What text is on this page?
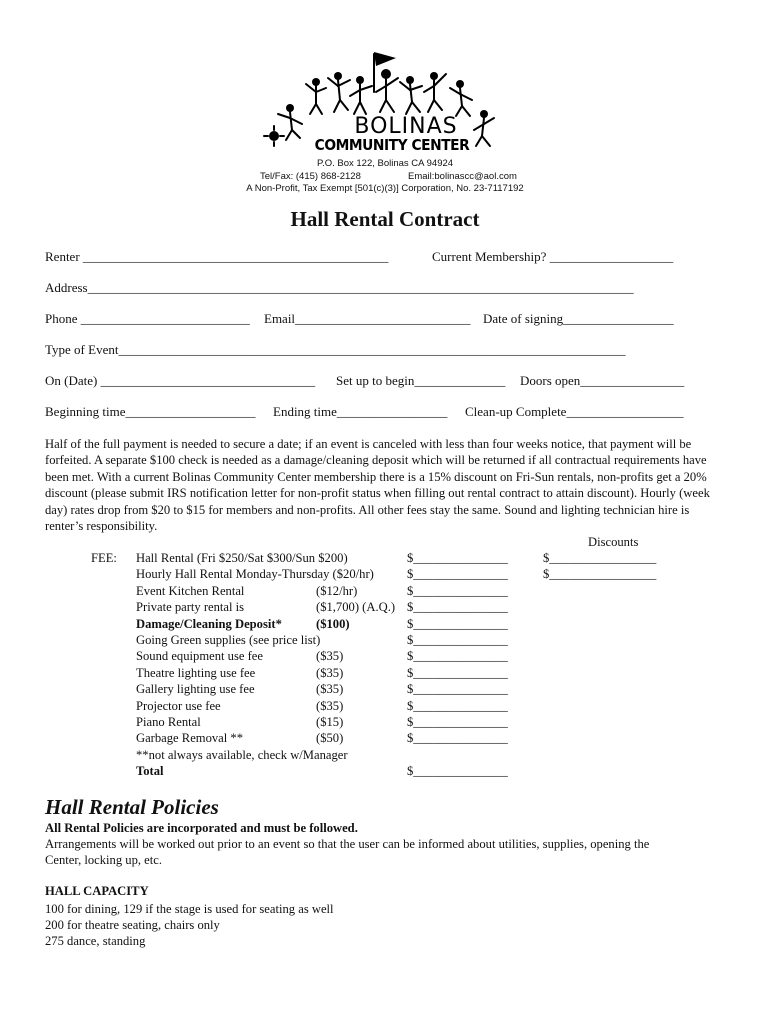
BOLINAS
COMMUNITY CENTER
P.O. Box 122, Bolinas CA 94924
Tel/Fax: (415) 868-2128	Email:bolinascc@aol.com
A Non-Profit, Tax Exempt [501(c)(3)] Corporation, No. 23-7117192
Hall Rental Contract
Renter _______________________________________________	Current Membership? ___________________
Address____________________________________________________________________________________
Phone __________________________ Email___________________________ Date of signing_________________
Type of Event______________________________________________________________________________
On (Date) _________________________________ Set up to begin______________ Doors open________________
Beginning time____________________ Ending time_________________ Clean-up Complete__________________
Half of the full payment is needed to secure a date; if an event is canceled with less than four weeks notice, that payment will be forfeited. A separate $100 check is needed as a damage/cleaning deposit which will be returned if all contractual requirements have been met. With a current Bolinas Community Center membership there is a 15% discount on Fri-Sun rentals, non-profits get a 20% discount (please submit IRS notification letter for non-profit status when filling out rental contract to attain discount). Hourly (week day) rates drop from $20 to $15 for members and non-profits. All other fees stay the same. Sound and lighting technician hire is renter’s responsibility.
Discounts
FEE: Hall Rental (Fri $250/Sat $300/Sun $200)	$_______________	$_________________
Hourly Hall Rental Monday-Thursday ($20/hr)	$_______________	$_________________
Event Kitchen Rental	($12/hr)	$_______________
Private party rental is	($1,700) (A.Q.) $_______________
Damage/Cleaning Deposit*	($100)	$_______________
Going Green supplies (see price list)	$_______________
Sound equipment use fee	($35)	$_______________
Theatre lighting use fee	($35)	$_______________
Gallery lighting use fee	($35)	$_______________
Projector use fee	($35)	$_______________
Piano Rental	($15)	$_______________
Garbage Removal **	($50)	$_______________
**not always available, check w/Manager
Total	$_______________
Hall Rental Policies
All Rental Policies are incorporated and must be followed.
Arrangements will be worked out prior to an event so that the user can be informed about utilities, supplies, opening the
Center, locking up, etc.
HALL CAPACITY
100 for dining, 129 if the stage is used for seating as well
200 for theatre seating, chairs only
275 dance, standing
